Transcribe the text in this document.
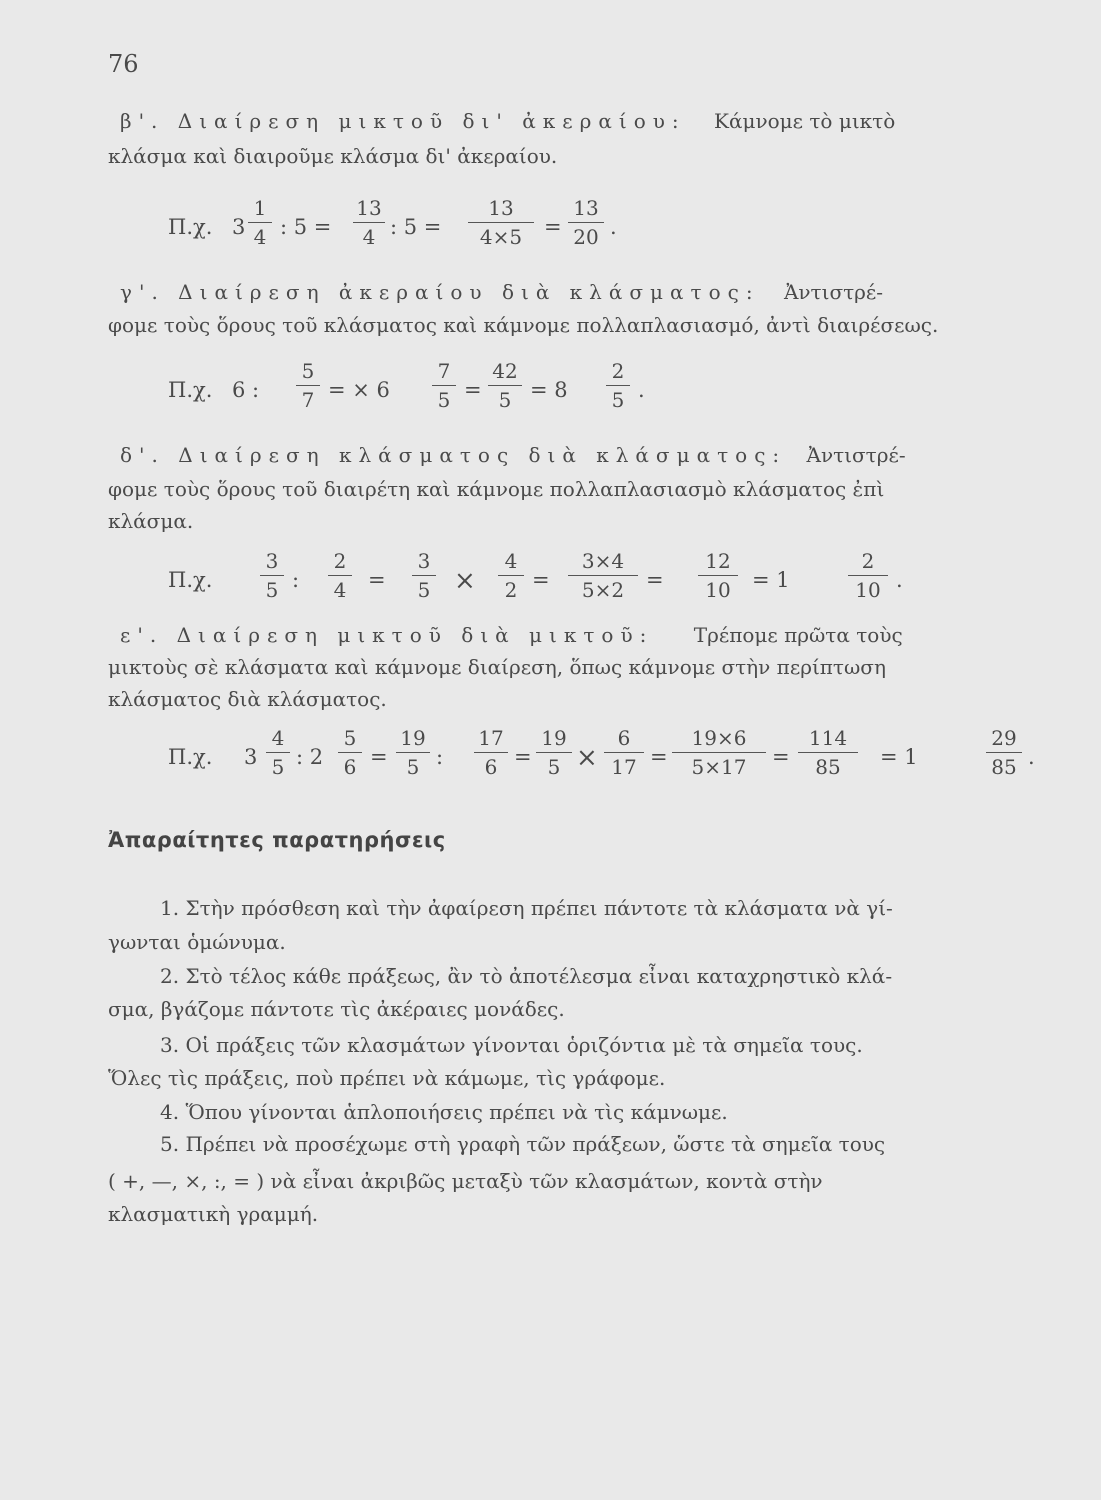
76
β'. Διαίρεση μικτοῦ δι' ἀκεραίου: Κάμνομε τὸ μικτὸ
κλάσμα καὶ διαιροῦμε κλάσμα δι' ἀκεραίου.
Π.χ. 3
1
4 : 5 =
13
4 : 5 =
13
4×5	=
13
20 .
γ'. Διαίρεση ἀκεραίου διὰ κλάσματος: Ἀντιστρέ-
φομε τοὺς ὅρους τοῦ κλάσματος καὶ κάμνομε πολλαπλασιασμό, ἀντὶ διαιρέσεως.
Π.χ. 6 :
5
7 = × 6
7
5 =
42
5 = 8
2
5 .
δ'. Διαίρεση κλάσματος διὰ κλάσματος: Ἀντιστρέ-
φομε τοὺς ὅρους τοῦ διαιρέτη καὶ κάμνομε πολλαπλασιασμὸ κλάσματος ἐπὶ
κλάσμα.
Π.χ.
3
5 :
2
4 =
3
5 ×
4
2 =
3×4
5×2	=
12
10	= 1
2
10 .
ε'. Διαίρεση μικτοῦ διὰ μικτοῦ: Τρέπομε πρῶτα τοὺς
μικτοὺς σὲ κλάσματα καὶ κάμνομε διαίρεση, ὅπως κάμνομε στὴν περίπτωση
κλάσματος διὰ κλάσματος.
Π.χ. 3
4
5 : 2
5
6 =
19
5 :
17
6 =
19
5 ×
6
17 =
19×6
5×17	=
114
85	= 1
29
85 .
Ἀπαραίτητες παρατηρήσεις
1. Στὴν πρόσθεση καὶ τὴν ἀφαίρεση πρέπει πάντοτε τὰ κλάσματα νὰ γί-
γωνται ὁμώνυμα.
2. Στὸ τέλος κάθε πράξεως, ἂν τὸ ἀποτέλεσμα εἶναι καταχρηστικὸ κλά-
σμα, βγάζομε πάντοτε τὶς ἀκέραιες μονάδες.
3. Οἱ πράξεις τῶν κλασμάτων γίνονται ὁριζόντια μὲ τὰ σημεῖα τους.
Ὅλες τὶς πράξεις, ποὺ πρέπει νὰ κάμωμε, τὶς γράφομε.
4. Ὅπου γίνονται ἁπλοποιήσεις πρέπει νὰ τὶς κάμνωμε.
5. Πρέπει νὰ προσέχωμε στὴ γραφὴ τῶν πράξεων, ὥστε τὰ σημεῖα τους
( +, —, ×, :, = ) νὰ εἶναι ἀκριβῶς μεταξὺ τῶν κλασμάτων, κοντὰ στὴν
κλασματικὴ γραμμή.
